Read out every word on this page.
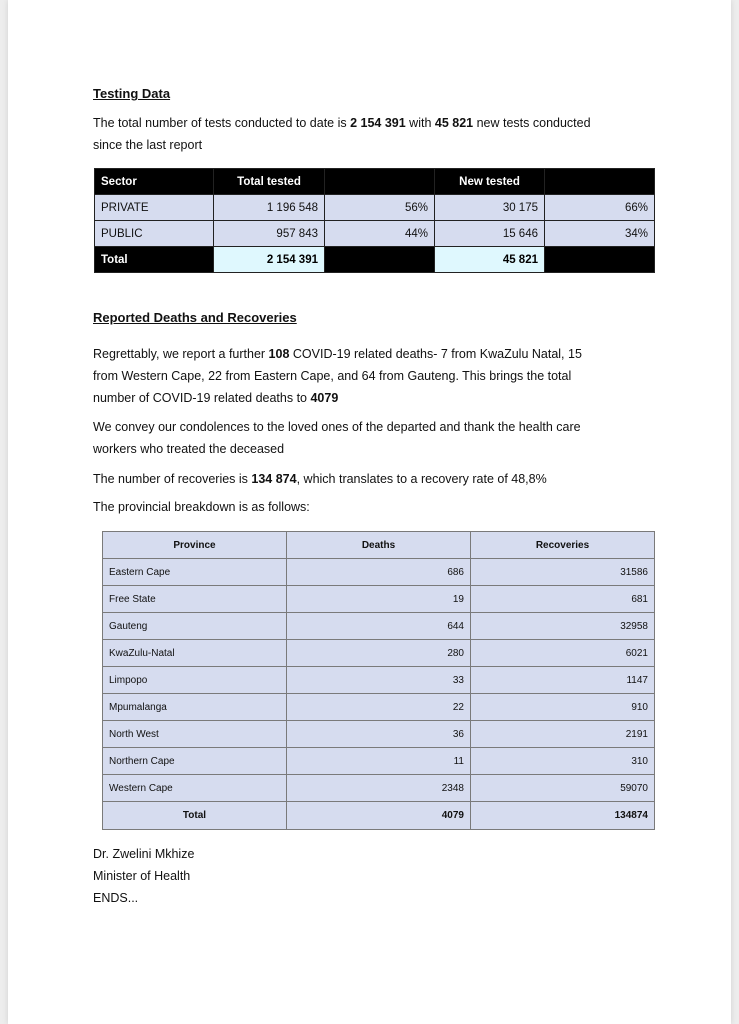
Testing Data
The total number of tests conducted to date is 2 154 391 with 45 821 new tests conducted
since the last report
Sector	Total tested		New tested	
PRIVATE	1 196 548	56%	30 175	66%
PUBLIC	957 843	44%	15 646	34%
Total	2 154 391		45 821	
Reported Deaths and Recoveries
Regrettably, we report a further 108 COVID-19 related deaths- 7 from KwaZulu Natal, 15
from Western Cape, 22 from Eastern Cape, and 64 from Gauteng. This brings the total
number of COVID-19 related deaths to 4079
We convey our condolences to the loved ones of the departed and thank the health care
workers who treated the deceased
The number of recoveries is 134 874, which translates to a recovery rate of 48,8%
The provincial breakdown is as follows:
Province	Deaths	Recoveries
Eastern Cape	686	31586
Free State	19	681
Gauteng	644	32958
KwaZulu-Natal	280	6021
Limpopo	33	1147
Mpumalanga	22	910
North West	36	2191
Northern Cape	11	310
Western Cape	2348	59070
Total	4079	134874
Dr. Zwelini Mkhize
Minister of Health
ENDS...
